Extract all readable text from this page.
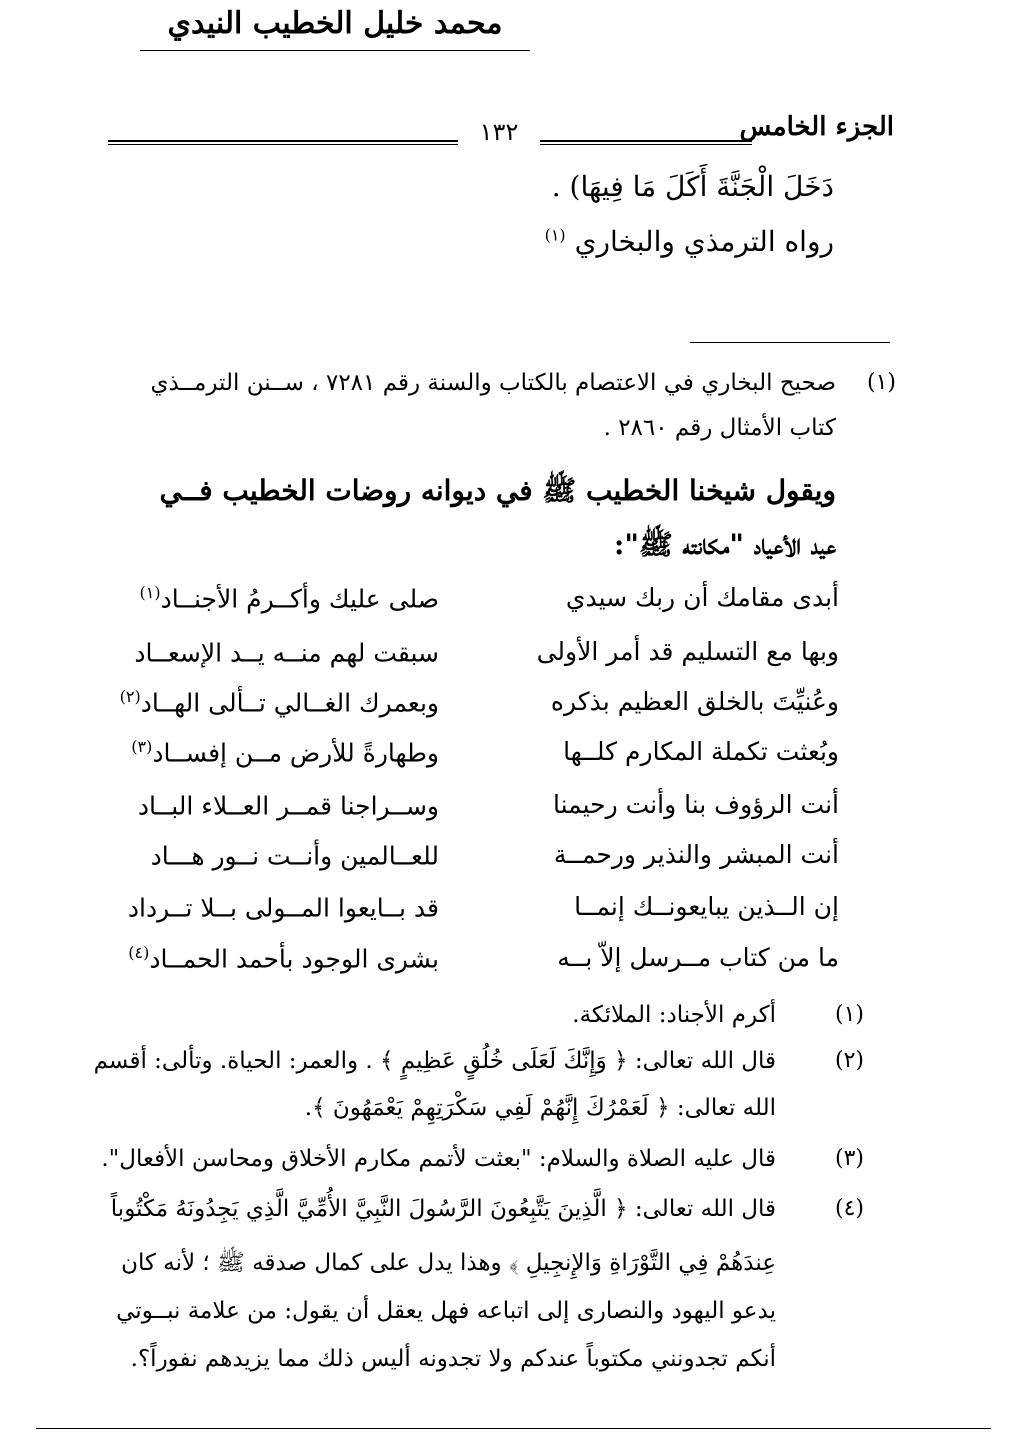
محمد خليل الخطيب النيدي
١٣٢	الجزء الخامس
دَخَلَ الْجَنَّةَ أَكَلَ مَا فِيهَا) .
رواه الترمذي والبخاري $^{(١)}$
(١)
صحيح البخاري في الاعتصام بالكتاب والسنة رقم ٧٢٨١ ، ســنن الترمــذي
كتاب الأمثال رقم ٢٨٦٠ .
ويقول شيخنا الخطيب ﷺ في ديوانه روضات الخطيب فــي
عيد الأعياد "مكانته ﷺ":
أبدى مقامك أن ربك سيدي
صلى عليك وأكــرمُ الأجنــاد$^{(١)}$
وبها مع التسليم قد أمر الأولى
سبقت لهم منــه يــد الإسعــاد
وعُنيِّتَ بالخلق العظيم بذكره
وبعمرك الغــالي تــألى الهــاد$^{(٢)}$
وبُعثت تكملة المكارم كلــها
وطهارةً للأرض مــن إفســاد$^{(٣)}$
أنت الرؤوف بنا وأنت رحيمنا
وســراجنا قمــر العــلاء البــاد
أنت المبشر والنذير ورحمــة
للعــالمين وأنــت نــور هـــاد
إن الــذين يبايعونــك إنمــا
قد بــايعوا المــولى بــلا تــرداد
ما من كتاب مــرسل إلاّ بــه
بشرى الوجود بأحمد الحمــاد$^{(٤)}$
(١)
أكرم الأجناد: الملائكة.
(٢)
قال الله تعالى: ﴿ وَإِنَّكَ لَعَلَى خُلُقٍ عَظِيمٍ ﴾ . والعمر: الحياة. وتألى: أقسم
الله تعالى: ﴿ لَعَمْرُكَ إِنَّهُمْ لَفِي سَكْرَتِهِمْ يَعْمَهُونَ ﴾.
(٣)
قال عليه الصلاة والسلام: "بعثت لأتمم مكارم الأخلاق ومحاسن الأفعال".
(٤)
قال الله تعالى: ﴿ الَّذِينَ يَتَّبِعُونَ الرَّسُولَ النَّبِيَّ الأُمِّيَّ الَّذِي يَجِدُونَهُ مَكْتُوباً
عِندَهُمْ فِي التَّوْرَاةِ وَالإِنجِيلِ ﴾ وهذا يدل على كمال صدقه ﷺ ؛ لأنه كان
يدعو اليهود والنصارى إلى اتباعه فهل يعقل أن يقول: من علامة نبــوتي
أنكم تجدونني مكتوباً عندكم ولا تجدونه أليس ذلك مما يزيدهم نفوراً؟.
